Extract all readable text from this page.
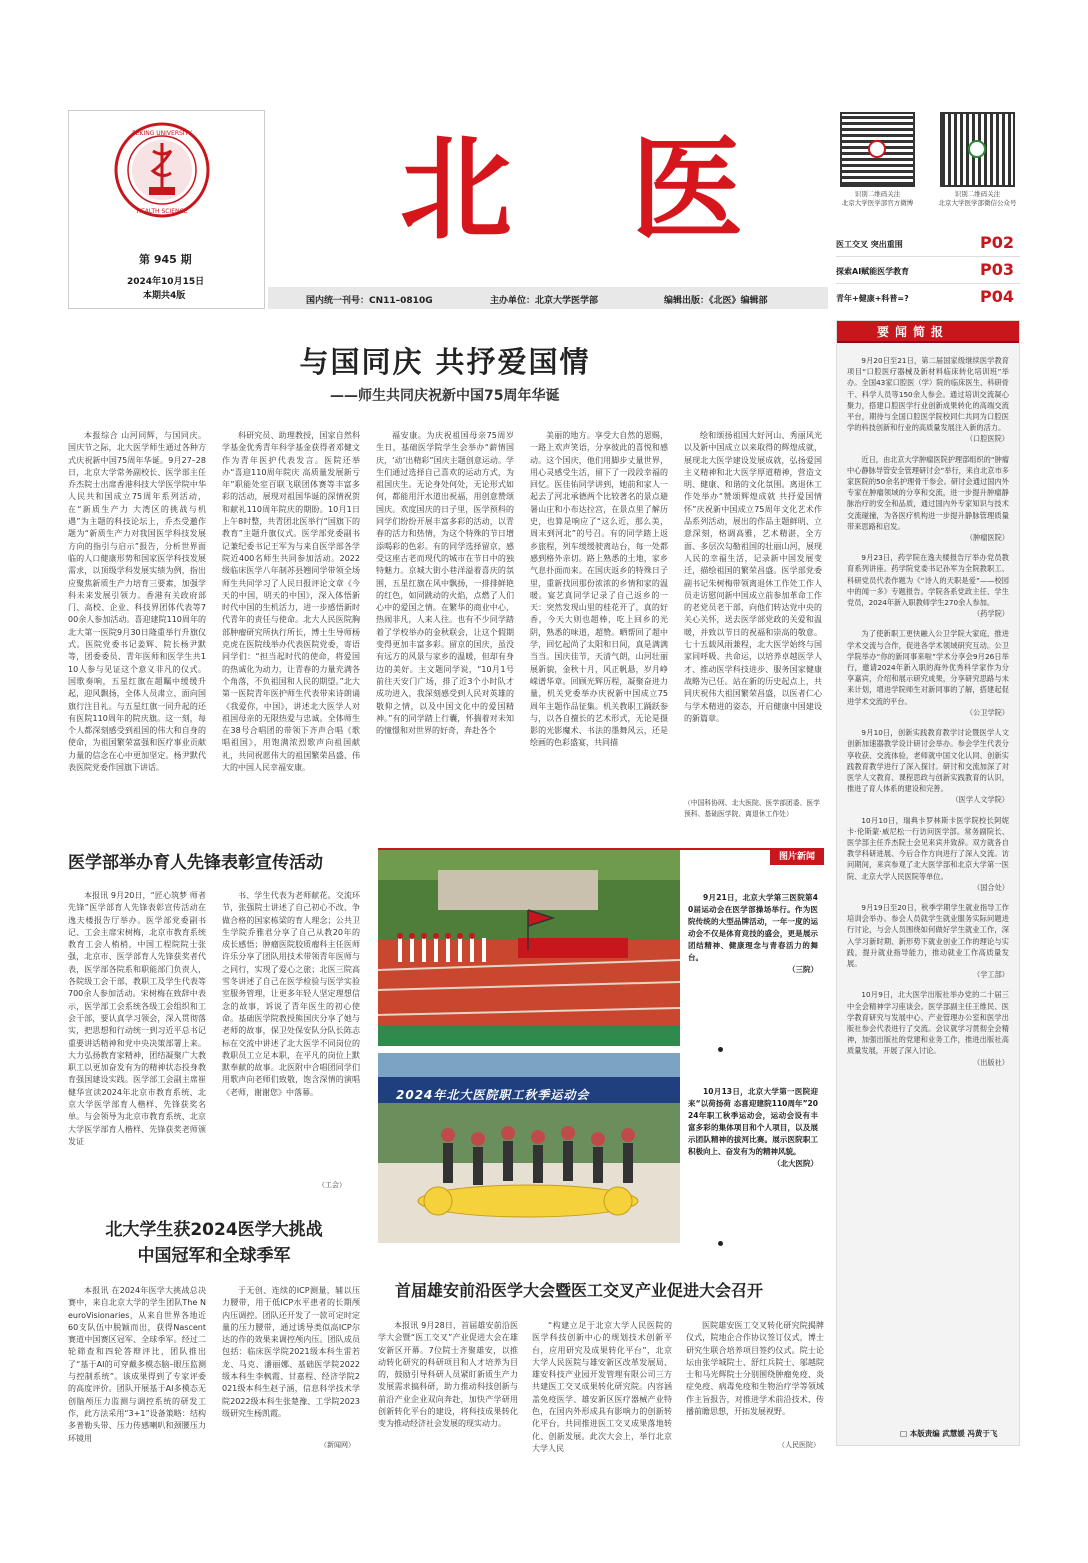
PEKING UNIVERSITY
HEALTH SCIENCE
第 945 期
2024年10月15日
本期共4版
北 医
国内统一刊号：CN11–0810G	主办单位：北京大学医学部	编辑出版：《北医》编辑部
识别二维码关注
北京大学医学部官方微博
识别二维码关注
北京大学医学部微信公众号
医工交叉 突出重围	P02
探索AI赋能医学教育	P03
青年+健康+科普=?	P04
与国同庆 共抒爱国情
——师生共同庆祝新中国75周年华诞

本报综合 山河同辉，与国同庆。国庆节之际，北大医学师生通过各种方式庆祝新中国75周年华诞。9月27–28日，北京大学常务副校长、医学部主任乔杰院士出席香港科技大学医学院中华人民共和国成立75周年系列活动，在“新质生产力 大湾区的挑战与机遇”为主题的科技论坛上，乔杰受邀作题为“新质生产力对我国医学科技发展方向的指引与启示”报告，分析世界面临的人口健康形势和国家医学科技发展需求，以顶级学科发展实绩为例，指出应聚焦新质生产力培育三要素，加强学科未来发展引领力。香港有关政府部门、高校、企业、科技界团体代表等700余人参加活动。喜迎建院110周年的北大第一医院9月30日隆重举行升旗仪式。医院党委书记姜辉、院长杨尹默等，团委委员、青年医师和医学生共110人参与见证这个意义非凡的仪式。国歌奏响，五星红旗在超瞩中缓缓升起，迎风飘扬，全体人员肃立，面向国旗行注目礼。与五星红旗一同升起的还有医院110周年的院庆旗。这一刻，每个人都深刻感受到祖国的伟大和自身的使命，为祖国繁荣富强和医疗事业贡献力量的信念在心中更加坚定。杨尹默代表医院党委作国旗下讲话。

科研究员、助理教授，国家自然科学基金优秀青年科学基金获得者邓健文作为青年医护代表发言。医院还举办“喜迎110周年院庆 高质量发展新亏年”职能处室百联飞联团体赛等丰富多彩的活动，展现对祖国华诞的深情祝贺和献礼110周年院庆的期盼。10月1日上午8时整，共青团北医举行“国旗下的教育”主题升旗仪式。医学部党委副书记兼纪委书记王军为与来自医学部各学院近400名师生共同参加活动。2022级临床医学八年制苏县翘同学带领全场师生共同学习了人民日报评论文章《今天的中国，明天的中国》，深入体悟新时代中国的生机活力，进一步感悟新时代青年的责任与使命。北大人民医院胸部肿瘤研究所执行所长，博士生导师杨克虎在医院线举办代表医院党委，寄语同学们：“担当起时代的使命，将爱国的热诚化为动力，让青春的力量充满各个角落，不负祖国和人民的期望。”北大第一医院青年医护师生代表带来诗朗诵《我爱你，中国》，讲述北大医学人对祖国母亲的无限热爱与忠诚。全体师生在38号合唱团的带领下齐声合唱《歌唱祖国》，用饱满浓烈歌声向祖国献礼，共同祝愿伟大的祖国繁荣昌盛、伟大的中国人民幸福安康。

福安康。为庆祝祖国母亲75周岁生日，基础医学院学生会举办“薪情国庆，‘动’出精彩”国庆主题创意运动。学生们通过选择自己喜欢的运动方式，为祖国庆生。无论身处何处，无论形式如何，都能用汗水道出祝福，用创意赞颂国庆。欢度国庆的日子里，医学预科的同学们纷纷开展丰富多彩的活动，以青春的活力和热情，为这个特殊的节日增添喝彩的色彩。有的同学选择留京，感受这座古老而现代的城市在节日中的独特魅力。京城大街小巷洋溢着喜庆的氛围，五星红旗在风中飘扬，一排排鲜艳的红色，如同跳动的火焰，点燃了人们心中的爱国之情。在繁华的商业中心，热闹非凡，人来人往。也有不少同学踏着了学校举办的金秋联会，让这个假期变得更加丰富多彩。留京的国庆，虽没有远方的风景与家乡的温暖，但却有身边的美好。主文题同学说，“10月1号前往天安门广场，排了近3个小时队才成功进入，我深刻感受到人民对英雄的敬仰之情，以及中国文化中的爱国精神。”有的同学踏上行囊，怀揣着对未知的憧憬和对世界的好奇，奔赴各个

美丽的地方。享受大自然的恩赐，一路上欢声笑语，分享彼此的喜悦和感动。这个国庆，他们用脚步丈量世界，用心灵感受生活，留下了一段段幸福的回忆。医佳佑同学讲到，她前和家人一起去了河北承德两个比较著名的景点避暑山庄和小布达拉宫，在景点里了解历史，也算是响应了“这么近，那么美，周末到河北”的号召。有的同学踏上返乡旅程，列车缓缓驶离站台，每一处都感到格外亲切。路上熟悉的土地，家乡气息扑面而来。在国庆返乡的特殊日子里，重新找回那份浓浓的乡情和家的温暖。宴艺真同学记录了自己返乡的一天：突然发现山里的桂花开了，真的好香，今天大则也超棒，吃上回乡的光阴，熟悉的味道，超赞。晒帮回了超中学，回忆起尚了太阳和日间，真是满满当当。国庆佳节，天清气朗，山河壮丽展新貌，金秋十月，风正帆悬，岁月峥嵘谱华章。回顾光辉历程，凝聚奋进力量，机关党委举办庆祝新中国成立75周年主题作品征集。机关教职工踊跃参与，以各自擅长的艺术形式，无论是摄影的光影魔术、书法的墨舞风云，还是绘画的色彩盛宴，共同描

绘和颂扬祖国大好河山、秀丽风光以及新中国成立以来取得的辉煌成就，展现北大医学建设发展成就，弘扬爱国主义精神和北大医学厚道精神，营造文明、健康、和谐的文化氛围。离退休工作处举办“赞颂辉煌成就 共抒爱国情怀”庆祝新中国成立75周年文化艺术作品系列活动，展出的作品主题鲜明、立意深刻，格调高雅，艺术精湛，全方面、多层次勾勒祖国的壮丽山河，展现人民的幸福生活，记录新中国发展变迁，描绘祖国的繁荣昌盛。医学部党委副书记朱树梅带领离退休工作处工作人员走访慰问新中国成立前参加革命工作的老党员老干部，向他们转达党中央的关心关怀，送去医学部党政的关爱和温暖，并致以节日的祝福和崇高的敬意。七十五载风雨兼程，北大医学始终与国家同呼吸、共命运，以培养卓越医学人才、推动医学科技进步、服务国家健康战略为已任。站在新的历史起点上，共同庆祝伟大祖国繁荣昌盛，以医者仁心与学术精进的姿态，开启健康中国建设的新篇章。

（中国科协网、北大医院、医学部团委、医学预科、基础医学院、离退休工作处）
医学部举办育人先锋表彰宣传活动

本报讯 9月20日，“匠心筑梦 师者先锋”医学部育人先锋表彰宣传活动在逸夫楼报告厅举办。医学部党委副书记、工会主席宋树梅，北京市教育系统教育工会人梢梢，中国工程院院士张强，北京市、医学部育人先锋获奖者代表，医学部各院系和职能部门负责人，各院级工会干部，教职工及学生代表等700余人参加活动。宋树梅在致辞中表示，医学部工会系统各级工会组织和工会干部，要认真学习领会，深入贯彻落实，把思想和行动统一到习近平总书记重要讲话精神和党中央决策部署上来。大力弘扬教育家精神，团结凝聚广大教职工以更加奋发有为的精神状态投身教育强国建设实践。医学部工会副主席崔健华宣读2024年北京市教育系统、北京大学医学部育人楷样、先锋获奖名单。与会领导为北京市教育系统、北京大学医学部育人楷样、先锋获奖老师颁发证

书、学生代表为老师献花。交流环节，张强院士讲述了自己初心不改、争做合格的国家栋梁的育人理念；公共卫生学院乔雅君分享了自己从教20年的成长感悟；肿瘤医院胶质瘤科主任医师许乐分享了团队用技术带领青年医师与之同行，实现了爱心之旅；北医三院高雪冬讲述了自己在医学检验与医学实验室服务管理，让更多年轻人坚定理想信念的故事，诉说了青年医生的初心使命。基础医学院教授熊国庆分享了她与老师的故事，保卫处保安队分队长陈志标在交流中讲述了北大医学不同岗位的教职员工立足本职，在平凡的岗位上默默奉献的故事。北医附中合唱团同学们用歌声向老师们致敬，饱含深情的演唱《老师，谢谢您》中落幕。

（工会）
北大学生获2024医学大挑战
中国冠军和全球季军

本报讯 在2024年医学大挑战总决赛中，来自北京大学的学生团队The NeuroVisionaries，从来自世界各地近60支队伍中脱颖而出，获得Nascent赛道中国赛区冠军、全球季军。经过二轮筛查和四轮答辩评比，团队推出了“基于AI的可穿戴多模态脑–眼压监测与控制系统”。该成果得到了专家评委的高度评价。团队开展基于AI多模态无创脑颅压力监测与调控系统的研发工作，此方法采用“3+1”设备策略：结构多普勒头带、压力传感喇叭和颈腰压力环镜用

于无创、连续的ICP测量，辅以压力腰带，用于低ICP水平患者的长期颅内压调控。团队还开发了一款可定时定量的压力腰带，通过诱导类似高ICP尔达的作的效果来调控颅内压。团队成员包括：临床医学院2021级本科生雷若龙、马克、潘丽娜、基础医学院2022级本科生李枫霞、甘嘉程、经济学院2021级本科生赵子涵，信息科学技术学院2022级本科生张楚豫、工学院2023级研究生杨凯霞。

（新闻网）
图片新闻

9月21日，北京大学第三医院第40届运动会在医学部操场举行。作为医院传统的大型品牌活动，一年一度的运动会不仅是体育竞技的盛会，更是展示团结精神、健康理念与青春活力的舞台。

（三院）
2024年北大医院职工秋季运动会	10月13日，北京大学第一医院迎来“以荷扬荷 态喜迎建院110周年”2024年职工秋季运动会，运动会设有丰富多彩的集体项目和个人项目，以及展示团队精神的拔河比赛。展示医院职工积极向上、奋发有为的精神风貌。

（北大医院）
首届雄安前沿医学大会暨医工交叉产业促进大会召开

本报讯 9月28日，首届雄安前沿医学大会暨“医工交叉”产业促进大会在雄安新区开幕。7位院士齐聚雄安，以推动转化研究的科研项目和人才培养为目的，鼓励引导科研人员紧盯新质生产力发展需求搞科研，助力推动科技创新与前沿产业企业双向奔赴，加快产学研用创新转化平台的建设，将科技成果转化变为推动经济社会发展的现实动力。

“构建立足于北京大学人民医院的医学科技创新中心的规划技术创新平台，应用研究及成果转化平台”，北京大学人民医院与雄安新区改革发展局、雄安科技产业园开发管理有限公司三方共建医工交叉成果转化研究院。内容涵盖免疫医学、雄安新区医疗器械产业特色，在国内外形成具有影响力的创新转化平台，共同推进医工交叉成果落地转化、创新发展。此次大会上，举行北京大学人民

医院雄安医工交叉转化研究院揭牌仪式，院地企合作协议签订仪式，博士研究生联合培养项目签约仪式。院士论坛由张学城院士、舒红兵院士、邬越院士和马光辉院士分别围绕肿瘤免疫、炎症免疫、病毒免疫和生物治疗学等领域作主旨报告，对推进学术前沿技术、传播前瞻思想，开拓发展视野。

（人民医院）
要闻简报

9月20日至21日，第二届国家级继续医学教育项目“口腔医疗器械及新材料临床转化培训班”举办。全国43家口腔医（学）院的临床医生、科研骨干、科学人员等150余人参会。通过培训交流凝心聚力，搭建口腔医学行业创新成果转化的高端交流平台，期待与全国口腔医学院校同仁共同为口腔医学的科技创新和行业的高质量发展注入新的活力。

（口腔医院）

近日，由北京大学肿瘤医院护理部组织的“肿瘤中心静脉导管安全管理研讨会”举行，来自北京市多家医院的50余名护理骨干参会。研讨会通过国内外专家在肿瘤领域的分享和交流，进一步提升肿瘤静脉治疗的安全和品质，通过国内外专家知识与技术交流碰撞，为各医疗机构进一步提升静脉管理质量带来思路和启发。

（肿瘤医院）

9月23日，药学院在逸夫楼报告厅举办党员教育系列讲座。药学院党委书记孙军为全院教职工、科研党员代表作题为《“诗人的天职是爱”——校园中的闻一多》专题报告。学院各系党政主任、学生党员，2024年新入职教师学生270余人参加。

（药学院）

为了使新职工更快融入公卫学院大家庭，推进学术交流与合作，促进各学术领域研究互动。公卫学院举办“你的新同事来啦”学术分享会9月26日举行，邀请2024年新入职的海外优秀科学家作为分享嘉宾，介绍和展示研究成果，分享研究思路与未来计划，增进学院师生对新同事的了解，搭建起促进学术交流的平台。

（公卫学院）

9月10日，创新实践教育教学讨论暨医学人文创新加速器教学设计研讨会举办。参会学生代表分享收获、交流体验，老师就中国文化认同、创新实践教育教学进行了深入探讨。研讨和交流加深了对医学人文教育、课程思政与创新实践教育的认识，推进了育人体系的建设和完善。

（医学人文学院）

10月10日，瑞典卡罗林斯卡医学院校长阿妮卡·伦斯蒙·威尼松一行访问医学部。常务副院长、医学部主任乔杰院士会见来宾并致辞。双方就各自教学科研进展、今后合作方向进行了深入交流。访问期间，来宾参观了北大医学部和北京大学第一医院、北京大学人民医院等单位。

（国合处）

9月19日至20日，秋季学期学生就业指导工作培训会举办。参会人员就学生就业服务实际问题进行讨论，与会人员围绕如何做好学生就业工作，深入学习新时期、新形势下就业创业工作的理论与实践，提升就业指导能力，推动就业工作高质量发展。

（学工部）

10月9日，北大医学出版社举办党的二十届三中全会精神学习座谈会。医学部副主任王维民、医学教育研究与发展中心、产业管理办公室和医学出版社参会代表进行了交流。会议就学习贯彻全会精神，加强出版社的党建和业务工作，推进出版社高质量发展，开展了深入讨论。

（出版社）
□ 本版责编 武慧媛 冯黄于飞
